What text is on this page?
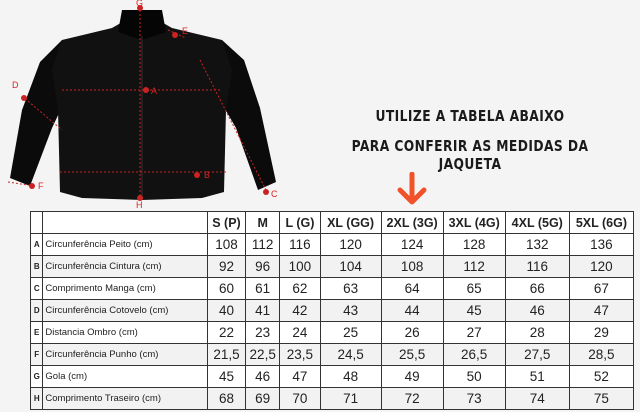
G
E
A
B
C
D
F
H
UTILIZE A TABELA ABAIXO
PARA CONFERIR AS MEDIDAS DA JAQUETA
		S (P)	M	L (G)	XL (GG)	2XL (3G)	3XL (4G)	4XL (5G)	5XL (6G)
A	Circunferência Peito (cm)	108	112	116	120	124	128	132	136
B	Circunferência Cintura (cm)	92	96	100	104	108	112	116	120
C	Comprimento Manga (cm)	60	61	62	63	64	65	66	67
D	Circunferência Cotovelo (cm)	40	41	42	43	44	45	46	47
E	Distancia Ombro (cm)	22	23	24	25	26	27	28	29
F	Circunferência Punho (cm)	21,5	22,5	23,5	24,5	25,5	26,5	27,5	28,5
G	Gola (cm)	45	46	47	48	49	50	51	52
H	Comprimento Traseiro (cm)	68	69	70	71	72	73	74	75
